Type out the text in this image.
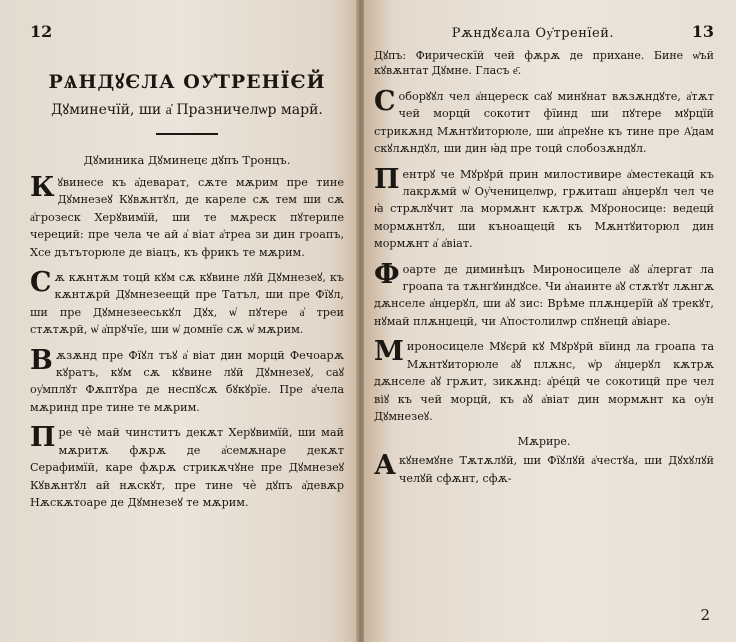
12
РѦНДꙋЄЛА ОУ҆ТРЕНЇЄЙ
Дꙋминечїй, ши а҆ Празничелѡр марй.
Дꙋминика Дꙋминецє дꙋпъ Тронцъ.

Кꙋвинесе къ а҆деварат, сѫте мѫрим пре тине Дꙋмнезеꙋ Кꙋвѫнтꙋл, де кареле сѫ тем ши сѫ а҆грозеск Херꙋвимїй, ши те мѫреск пꙋтериле череций: пре чела че ай а҆ віат а҆треа зи дин гроапъ, Хсе дътъторюле де віацъ, къ фрикъ те мѫрим.

Сѫ кѫнтѫм тоцй кꙋм сѫ кꙋвине лꙋй Дꙋмнезеꙋ, къ кѫнтѫрй Дꙋмнезеещй пре Татъл, ши пре Фїꙋл, ши пре Дꙋмнезееськꙋл Дꙋх, ѡ҆ пꙋтере а҆ треи стѫтѫрй, ѡ҆ а҆прꙋчїе, ши ѡ҆ домнїе сѫ ѡ҆ мѫрим.

Вѫзѫнд пре Фїꙋл тъꙋ а҆ віат дин морцй Фечоарѫ кꙋратъ, кꙋм сѫ кꙋвине лꙋй Дꙋмнезеꙋ, саꙋ оу҆мплꙋт Фѫптꙋра де неспꙋсѫ бꙋкꙋрїе. Пре а҆чела мѫринд пре тине те мѫрим.

Пре чѐ май чинститъ декѫт Херꙋвимїй, ши май мѫритѫ фѫрѫ де а҆семѫнаре декѫт Серафимїй, каре фѫрѫ стрикѫчꙋне пре Дꙋмнезеꙋ Кꙋвѫнтꙋл ай нѫскꙋт, пре тине чѐ дꙋпъ а҆девѫр Нѫскѫтоаре де Дꙋмнезеꙋ те мѫрим.

Рѫндꙋєала Оу҆тренїей.	13

Дꙋпъ: Фирическїй чей фѫрѫ де прихане. Бине ѡ҆ъй кꙋвѫнтат Дꙋмне. Гласъ е҃.

Соборꙋꙋл чел а҆нцереск саꙋ минꙋнат вѫзѫндꙋте, а҆тѫт чей морцй сокотит фїинд ши пꙋтере мꙋрцїй стрикѫнд Мѫнтꙋиторюле, ши а҆преꙋне къ тине пре А҆дам скꙋлѫндꙋл, ши дин ꙗ҆д пре тоцй слобозѫндꙋл.

Пентрꙋ че Мꙋрꙋрй прин милостивире а҆местекацй къ лакрѫмй ѡ҆ Оу҆ченицелѡр, грѫиташ а҆нџерꙋл чел че ꙗ҆ стрѫлꙋчит ла мормѫнт кѫтрѫ Мꙋроносице: ведецй мормѫнтꙋл, ши къноащецй къ Мѫнтꙋиторюл дин мормѫнт а҆ а҆віат.

Фоарте де диминѣцъ Мироносицеле а҆ꙋ а҆лергат ла гроапа та тѫнгꙋиндꙋсе. Чи а҆наинте а҆ꙋ стѫтꙋт лѫнгѫ дѫнселе а҆нџерꙋл, ши а҆ꙋ зис: Врѣме плѫнџерїй а҆ꙋ трекꙋт, нꙋмай плѫнџецй, чи А҆постолилѡр спꙋнецй а҆віаре.

Мироносицеле Мꙋєрй кꙋ Мꙋрꙋрй вїинд ла гроапа та Мѫнтꙋиторюле а҆ꙋ плѫнс, ѡ҆р а҆нџерꙋл кѫтрѫ дѫнселе а҆ꙋ грѫит, зикѫнд: а҆ре́цй че сокотицй пре чел віꙋ къ чей морцй, къ а҆ꙋ а҆віат дин мормѫнт ка оу҆н Дꙋмнезеꙋ.

Мѫрире.

Акꙋнемꙋне Тѫтѫлꙋй, ши Фїꙋлꙋй а҆честꙋа, ши Дꙋхꙋлꙋй челꙋй сфѫнт, сфѫ-

2
